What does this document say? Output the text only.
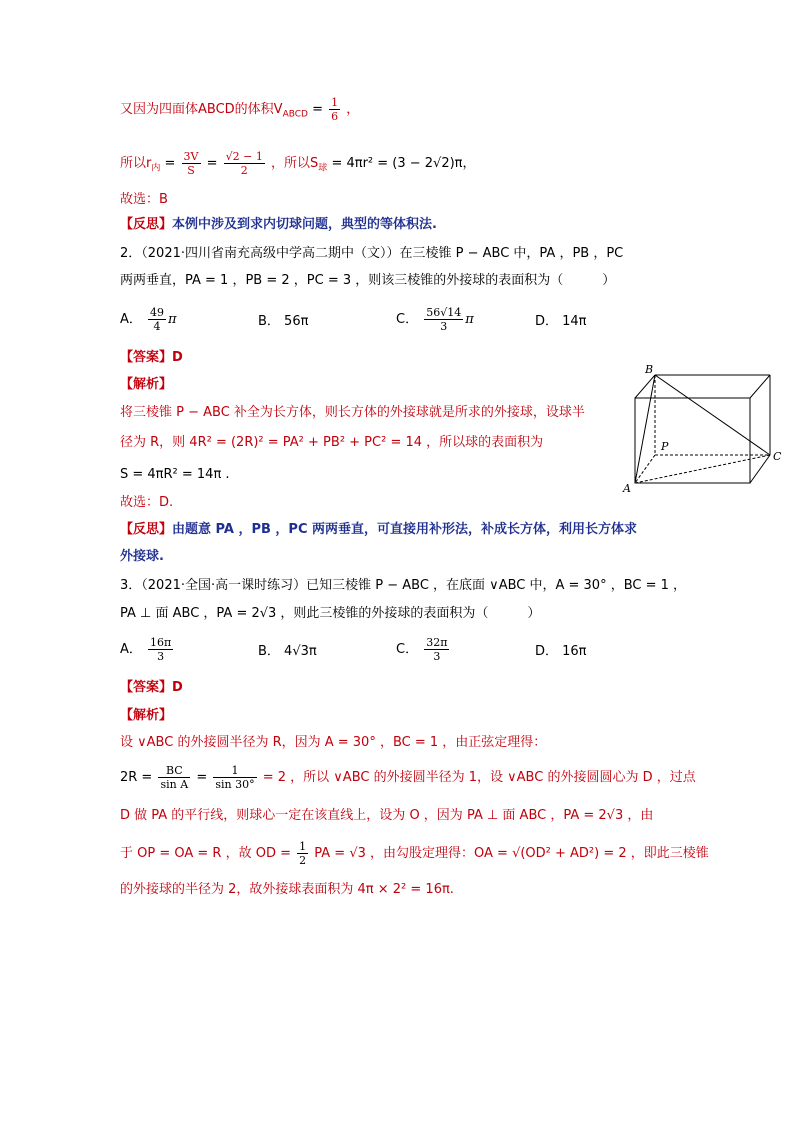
又因为四面体ABCD的体积$V_{ABCD} = \frac{1}{6}$ ，
所以$r_内 = \frac{3V}{S} = \frac{√2 - 1}{2}$ ，所以$S_球 = 4\pi r^2 = (3 - 2√2)\pi$，
故选：B
【反思】本例中涉及到求内切球问题，典型的等体积法.
2．（2021·四川省南充高级中学高二期中（文））在三棱锥 P − ABC 中，PA ，PB ，PC
两两垂直，PA = 1 ，PB = 2 ，PC = 3 ，则该三棱锥的外接球的表面积为（　　　）
A． $\frac{49}{4}$ π	B． 56π	C． $\frac{56√14}{3}$ π	D． 14π
【答案】D
【解析】
将三棱锥 P − ABC 补全为长方体，则长方体的外接球就是所求的外接球，设球半
径为 R，则 4R² = (2R)² = PA² + PB² + PC² = 14 ，所以球的表面积为
S = 4πR² = 14π .
故选：D.
【反思】由题意 PA ，PB ，PC 两两垂直，可直接用补形法，补成长方体，利用长方体求
外接球.
B
P
C
A
3．（2021·全国·高一课时练习）已知三棱锥 P − ABC ，在底面 ∨ABC 中，A = 30° ，BC = 1 ，
PA ⊥ 面 ABC ，PA = 2√3 ，则此三棱锥的外接球的表面积为（　　　）
A． $\frac{16\pi}{3}$	B． 4√3π	C． $\frac{32\pi}{3}$	D． 16π
【答案】D
【解析】
设 ∨ABC 的外接圆半径为 R，因为 A = 30° ，BC = 1 ，由正弦定理得：
$2R = \frac{BC}{\text{sin A}} = \frac{1}{\sin 30^\circ} = 2$ ，所以 ∨ABC 的外接圆半径为 1，设 ∨ABC 的外接圆圆心为 D ，过点
D 做 PA 的平行线，则球心一定在该直线上，设为 O ，因为 PA ⊥ 面 ABC ，PA = 2√3 ，由
于 OP = OA = R ，故 OD = $\frac{1}{2}$ PA = √3 ，由勾股定理得：OA = √(OD² + AD²) = 2 ，即此三棱锥
的外接球的半径为 2，故外接球表面积为 4π × 2² = 16π.
